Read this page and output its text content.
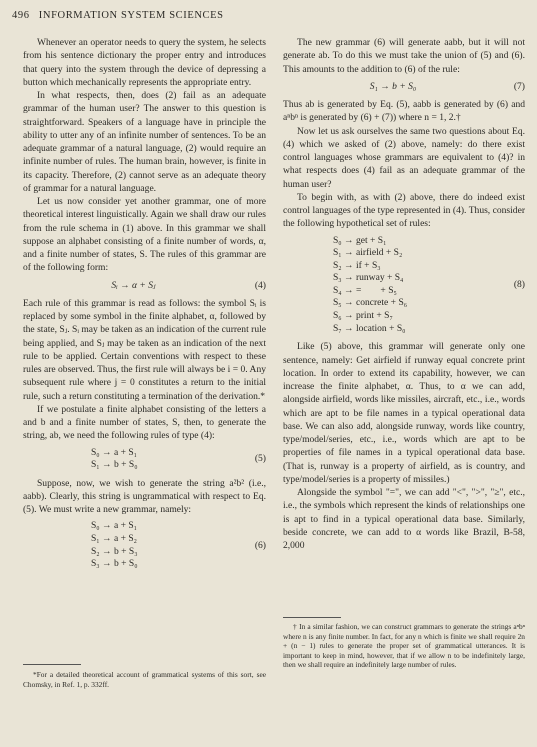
496 INFORMATION SYSTEM SCIENCES

Whenever an operator needs to query the system, he selects from his sentence dictionary the proper entry and introduces that query into the system through the device of depressing a button which mechanically represents the appropriate entry.

In what respects, then, does (2) fail as an adequate grammar of the human user? The answer to this question is straightforward. Speakers of a language have in principle the ability to utter any of an infinite number of sentences. To be an adequate grammar of a natural language, (2) would require an infinite number of rules. The human brain, however, is finite in its capacity. Therefore, (2) cannot serve as an adequate theory of grammar for a natural language.

Let us now consider yet another grammar, one of more theoretical interest linguistically. Again we shall draw our rules from the rule schema in (1) above. In this grammar we shall suppose an alphabet consisting of a finite number of words, α, and a finite number of states, S. The rules of this grammar are of the following form:

Sᵢ → α + Sⱼ	(4)

Each rule of this grammar is read as follows: the symbol Sᵢ is replaced by some symbol in the finite alphabet, α, followed by the state, Sⱼ. Sᵢ may be taken as an indication of the current rule being applied, and Sⱼ may be taken as an indication of the next rule to be applied. Certain conventions with respect to these rules are observed. Thus, the first rule will always be i = 0. Any subsequent rule where j = 0 constitutes a return to the initial rule, such a return constituting a termination of the derivation.*

If we postulate a finite alphabet consisting of the letters a and b and a finite number of states, S, then, to generate the string, ab, we need the following rules of type (4):

S₀ → a + S₁
S₁ → b + S₀
(5)

Suppose, now, we wish to generate the string a²b² (i.e., aabb). Clearly, this string is ungrammatical with respect to Eq. (5). We must write a new grammar, namely:

S₀ → a + S₁
S₁ → a + S₂
S₂ → b + S₃
S₃ → b + S₀
(6)

*For a detailed theoretical account of grammatical systems of this sort, see Chomsky, in Ref. 1, p. 332ff.

The new grammar (6) will generate aabb, but it will not generate ab. To do this we must take the union of (5) and (6). This amounts to the addition to (6) of the rule:

S₁ → b + S₀	(7)

Thus ab is generated by Eq. (5), aabb is generated by (6) and aⁿbⁿ is generated by (6) + (7)) where n = 1, 2.†

Now let us ask ourselves the same two questions about Eq. (4) which we asked of (2) above, namely: do there exist control languages whose grammars are equivalent to (4)? in what respects does (4) fail as an adequate grammar of the human user?

To begin with, as with (2) above, there do indeed exist control languages of the type represented in (4). Thus, consider the following hypothetical set of rules:

S₀ → get + S₁
S₁ → airfield + S₂
S₂ → if + S₃
S₃ → runway + S₄
S₄ → =        + S₅
S₅ → concrete + S₆
S₆ → print + S₇
S₇ → location + S₀
(8)

Like (5) above, this grammar will generate only one sentence, namely: Get airfield if runway equal concrete print location. In order to extend its capability, however, we can increase the finite alphabet, α. Thus, to α we can add, alongside airfield, words like missiles, aircraft, etc., i.e., words which are apt to be file names in a typical operational data base. We can also add, alongside runway, words like country, type/model/series, etc., i.e., words which are apt to be properties of file names in a typical operational data base. (That is, runway is a property of airfield, as is country, and type/model/series is a property of missiles.)

Alongside the symbol "=", we can add "<", ">", "≥", etc., i.e., the symbols which represent the kinds of relationships one is apt to find in a typical operational data base. Similarly, beside concrete, we can add to α words like Brazil, B-58, 2,000

† In a similar fashion, we can construct grammars to generate the strings aⁿbⁿ where n is any finite number. In fact, for any n which is finite we shall require 2n + (n − 1) rules to generate the proper set of grammatical utterances. It is important to keep in mind, however, that if we allow n to be indefinitely large, then we shall require an indefinitely large number of rules.
